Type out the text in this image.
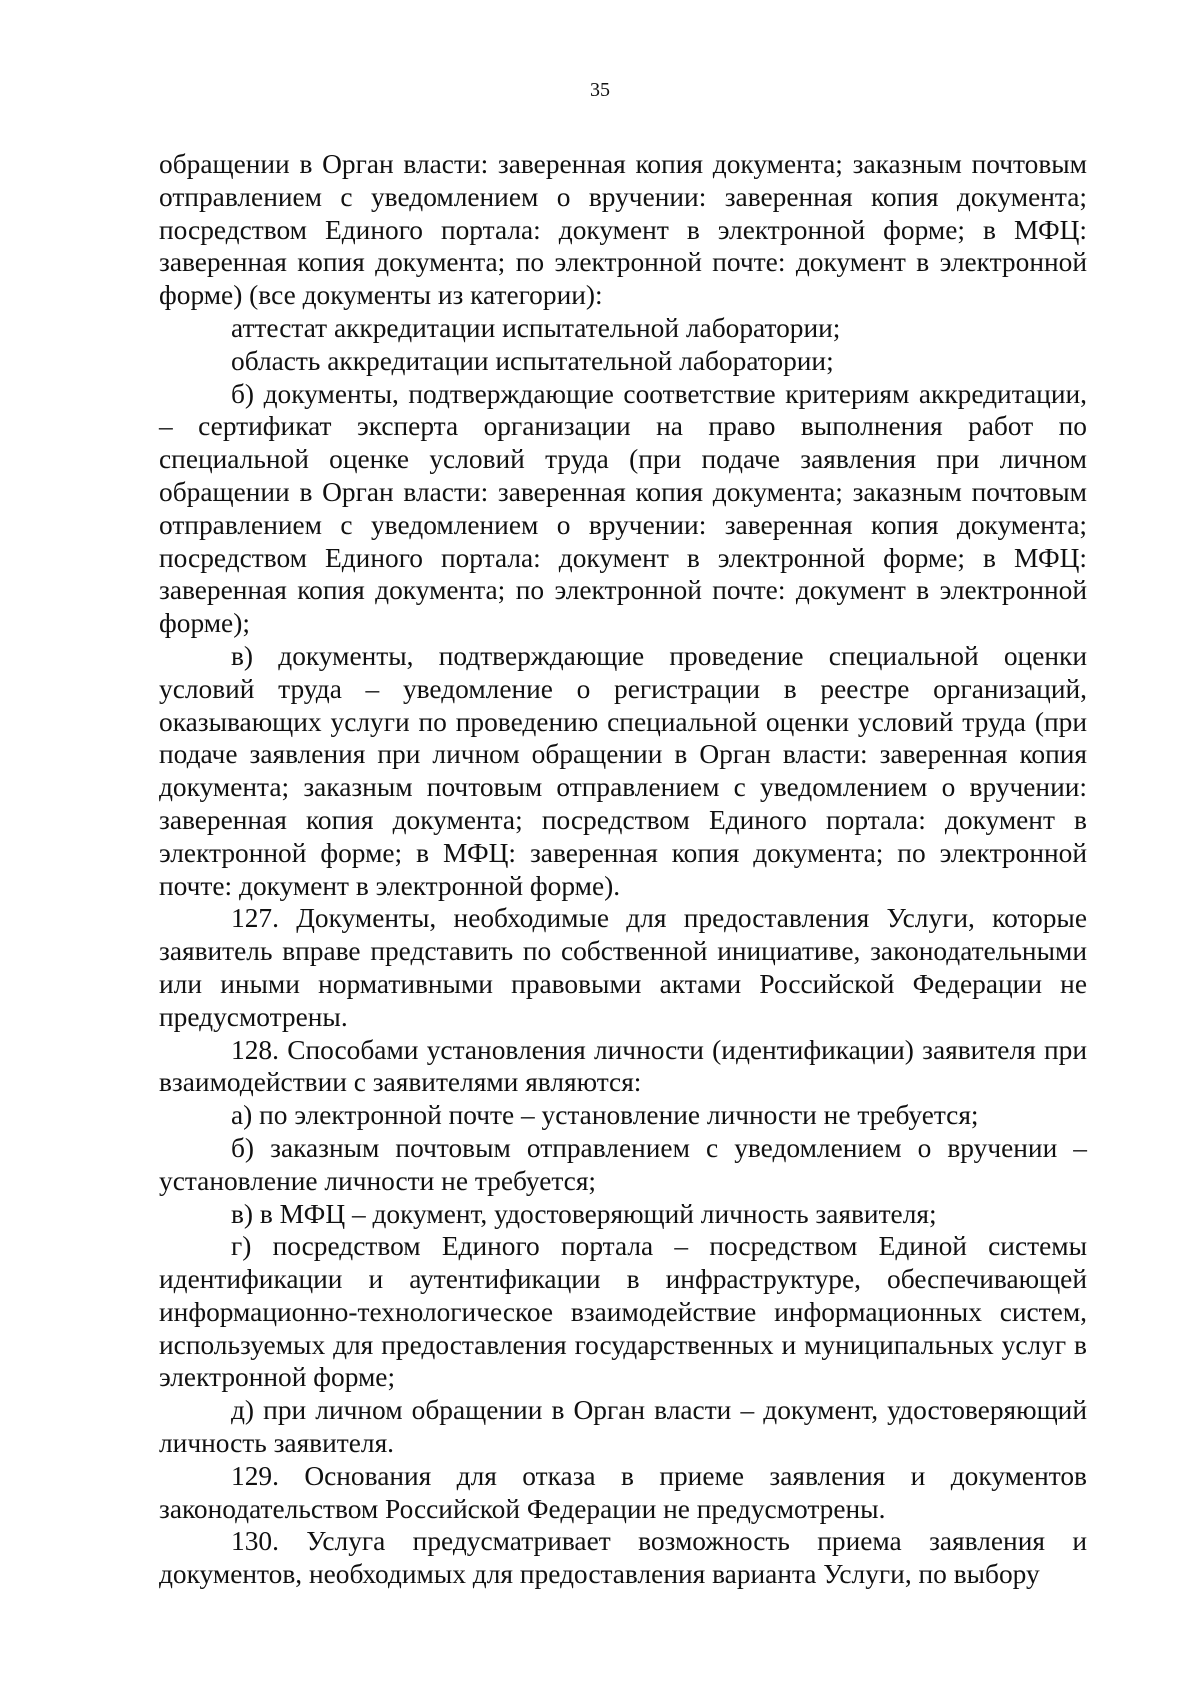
35

обращении в Орган власти: заверенная копия документа; заказным почтовым отправлением с уведомлением о вручении: заверенная копия документа; посредством Единого портала: документ в электронной форме; в МФЦ: заверенная копия документа; по электронной почте: документ в электронной форме) (все документы из категории):

аттестат аккредитации испытательной лаборатории;

область аккредитации испытательной лаборатории;

б) документы, подтверждающие соответствие критериям аккредитации, – сертификат эксперта организации на право выполнения работ по специальной оценке условий труда (при подаче заявления при личном обращении в Орган власти: заверенная копия документа; заказным почтовым отправлением с уведомлением о вручении: заверенная копия документа; посредством Единого портала: документ в электронной форме; в МФЦ: заверенная копия документа; по электронной почте: документ в электронной форме);

в) документы, подтверждающие проведение специальной оценки условий труда – уведомление о регистрации в реестре организаций, оказывающих услуги по проведению специальной оценки условий труда (при подаче заявления при личном обращении в Орган власти: заверенная копия документа; заказным почтовым отправлением с уведомлением о вручении: заверенная копия документа; посредством Единого портала: документ в электронной форме; в МФЦ: заверенная копия документа; по электронной почте: документ в электронной форме).

127. Документы, необходимые для предоставления Услуги, которые заявитель вправе представить по собственной инициативе, законодательными или иными нормативными правовыми актами Российской Федерации не предусмотрены.

128. Способами установления личности (идентификации) заявителя при взаимодействии с заявителями являются:

а) по электронной почте – установление личности не требуется;

б) заказным почтовым отправлением с уведомлением о вручении – установление личности не требуется;

в) в МФЦ – документ, удостоверяющий личность заявителя;

г) посредством Единого портала – посредством Единой системы идентификации и аутентификации в инфраструктуре, обеспечивающей информационно-технологическое взаимодействие информационных систем, используемых для предоставления государственных и муниципальных услуг в электронной форме;

д) при личном обращении в Орган власти – документ, удостоверяющий личность заявителя.

129. Основания для отказа в приеме заявления и документов законодательством Российской Федерации не предусмотрены.

130. Услуга предусматривает возможность приема заявления и документов, необходимых для предоставления варианта Услуги, по выбору
